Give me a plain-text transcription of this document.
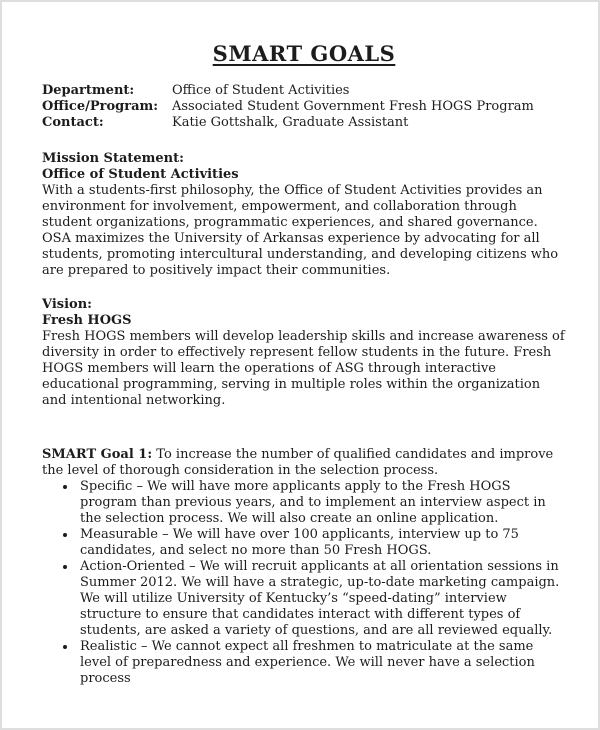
SMART GOALS
Department:	Office of Student Activities
Office/Program:	Associated Student Government Fresh HOGS Program
Contact:	Katie Gottshalk, Graduate Assistant
Mission Statement:
Office of Student Activities

With a students-first philosophy, the Office of Student Activities provides an environment for involvement, empowerment, and collaboration through student organizations, programmatic experiences, and shared governance. OSA maximizes the University of Arkansas experience by advocating for all students, promoting intercultural understanding, and developing citizens who are prepared to positively impact their communities.

Vision:
Fresh HOGS

Fresh HOGS members will develop leadership skills and increase awareness of diversity in order to effectively represent fellow students in the future. Fresh HOGS members will learn the operations of ASG through interactive educational programming, serving in multiple roles within the organization and intentional networking.

SMART Goal 1: To increase the number of qualified candidates and improve the level of thorough consideration in the selection process.

• Specific – We will have more applicants apply to the Fresh HOGS program than previous years, and to implement an interview aspect in the selection process. We will also create an online application.
• Measurable – We will have over 100 applicants, interview up to 75 candidates, and select no more than 50 Fresh HOGS.
• Action-Oriented – We will recruit applicants at all orientation sessions in Summer 2012. We will have a strategic, up-to-date marketing campaign. We will utilize University of Kentucky’s “speed-dating” interview structure to ensure that candidates interact with different types of students, are asked a variety of questions, and are all reviewed equally.
• Realistic – We cannot expect all freshmen to matriculate at the same level of preparedness and experience. We will never have a selection process
